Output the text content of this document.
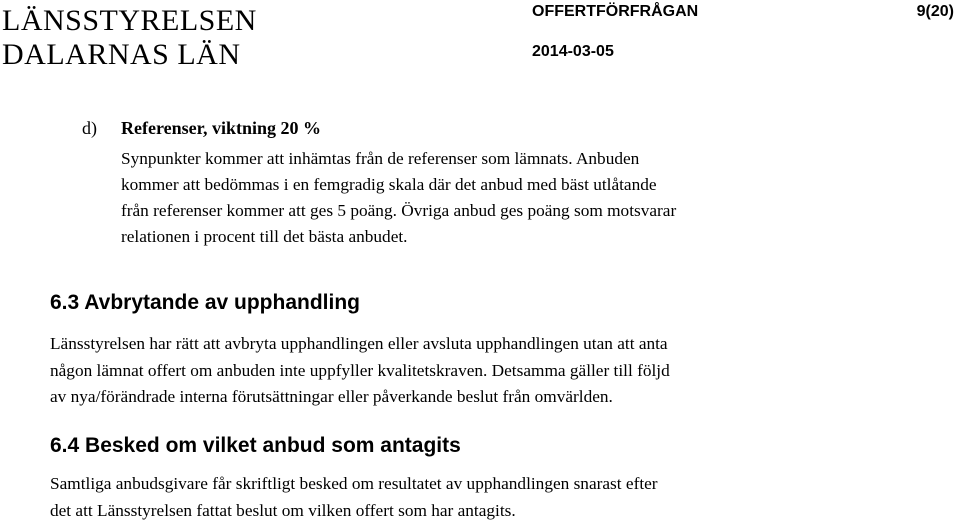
LÄNSSTYRELSEN
DALARNAS LÄN
OFFERTFÖRFRÅGAN	9(20)
2014-03-05
d) Referenser, viktning 20 %
Synpunkter kommer att inhämtas från de referenser som lämnats. Anbuden
kommer att bedömmas i en femgradig skala där det anbud med bäst utlåtande
från referenser kommer att ges 5 poäng. Övriga anbud ges poäng som motsvarar
relationen i procent till det bästa anbudet.
6.3 Avbrytande av upphandling
Länsstyrelsen har rätt att avbryta upphandlingen eller avsluta upphandlingen utan att anta
någon lämnat offert om anbuden inte uppfyller kvalitetskraven. Detsamma gäller till följd
av nya/förändrade interna förutsättningar eller påverkande beslut från omvärlden.
6.4 Besked om vilket anbud som antagits
Samtliga anbudsgivare får skriftligt besked om resultatet av upphandlingen snarast efter
det att Länsstyrelsen fattat beslut om vilken offert som har antagits.
